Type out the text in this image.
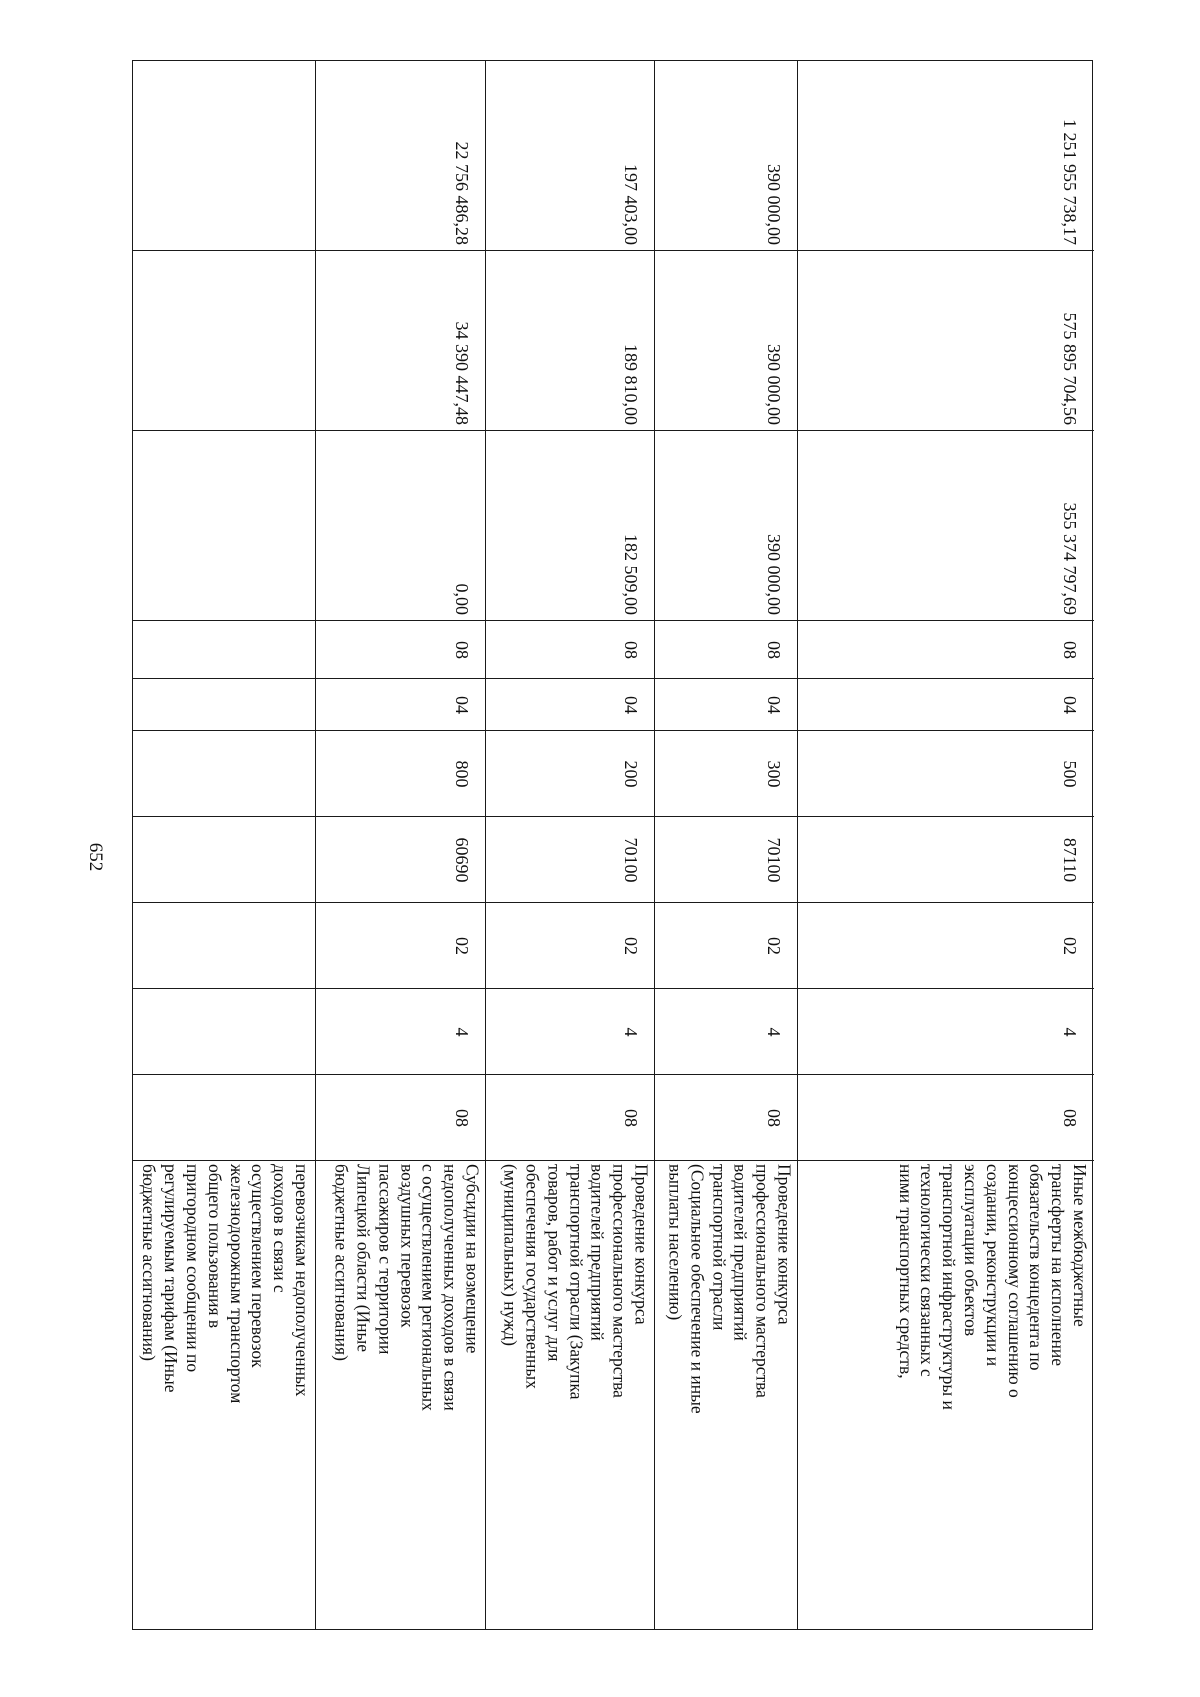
652
перевозчикам недополученных
доходов в связи с
осуществлением перевозок
железнодорожным транспортом
общего пользования в
пригородном сообщении по
регулируемым тарифам (Иные
бюджетные ассигнования)
22 756 486,28
34 390 447,48
0,00
08
04
800
60690
02
4
08
Субсидии на возмещение
недополученных доходов в связи
с осуществлением региональных
воздушных перевозок
пассажиров с территории
Липецкой области (Иные
бюджетные ассигнования)
197 403,00
189 810,00
182 509,00
08
04
200
70100
02
4
08
Проведение конкурса
профессионального мастерства
водителей предприятий
транспортной отрасли (Закупка
товаров, работ и услуг для
обеспечения государственных
(муниципальных) нужд)
390 000,00
390 000,00
390 000,00
08
04
300
70100
02
4
08
Проведение конкурса
профессионального мастерства
водителей предприятий
транспортной отрасли
(Социальное обеспечение и иные
выплаты населению)
1 251 955 738,17
575 895 704,56
355 374 797,69
08
04
500
87110
02
4
08
Иные межбюджетные
трансферты на исполнение
обязательств концедента по
концессионному соглашению о
создании, реконструкции и
эксплуатации объектов
транспортной инфраструктуры и
технологически связанных с
ними транспортных средств,
